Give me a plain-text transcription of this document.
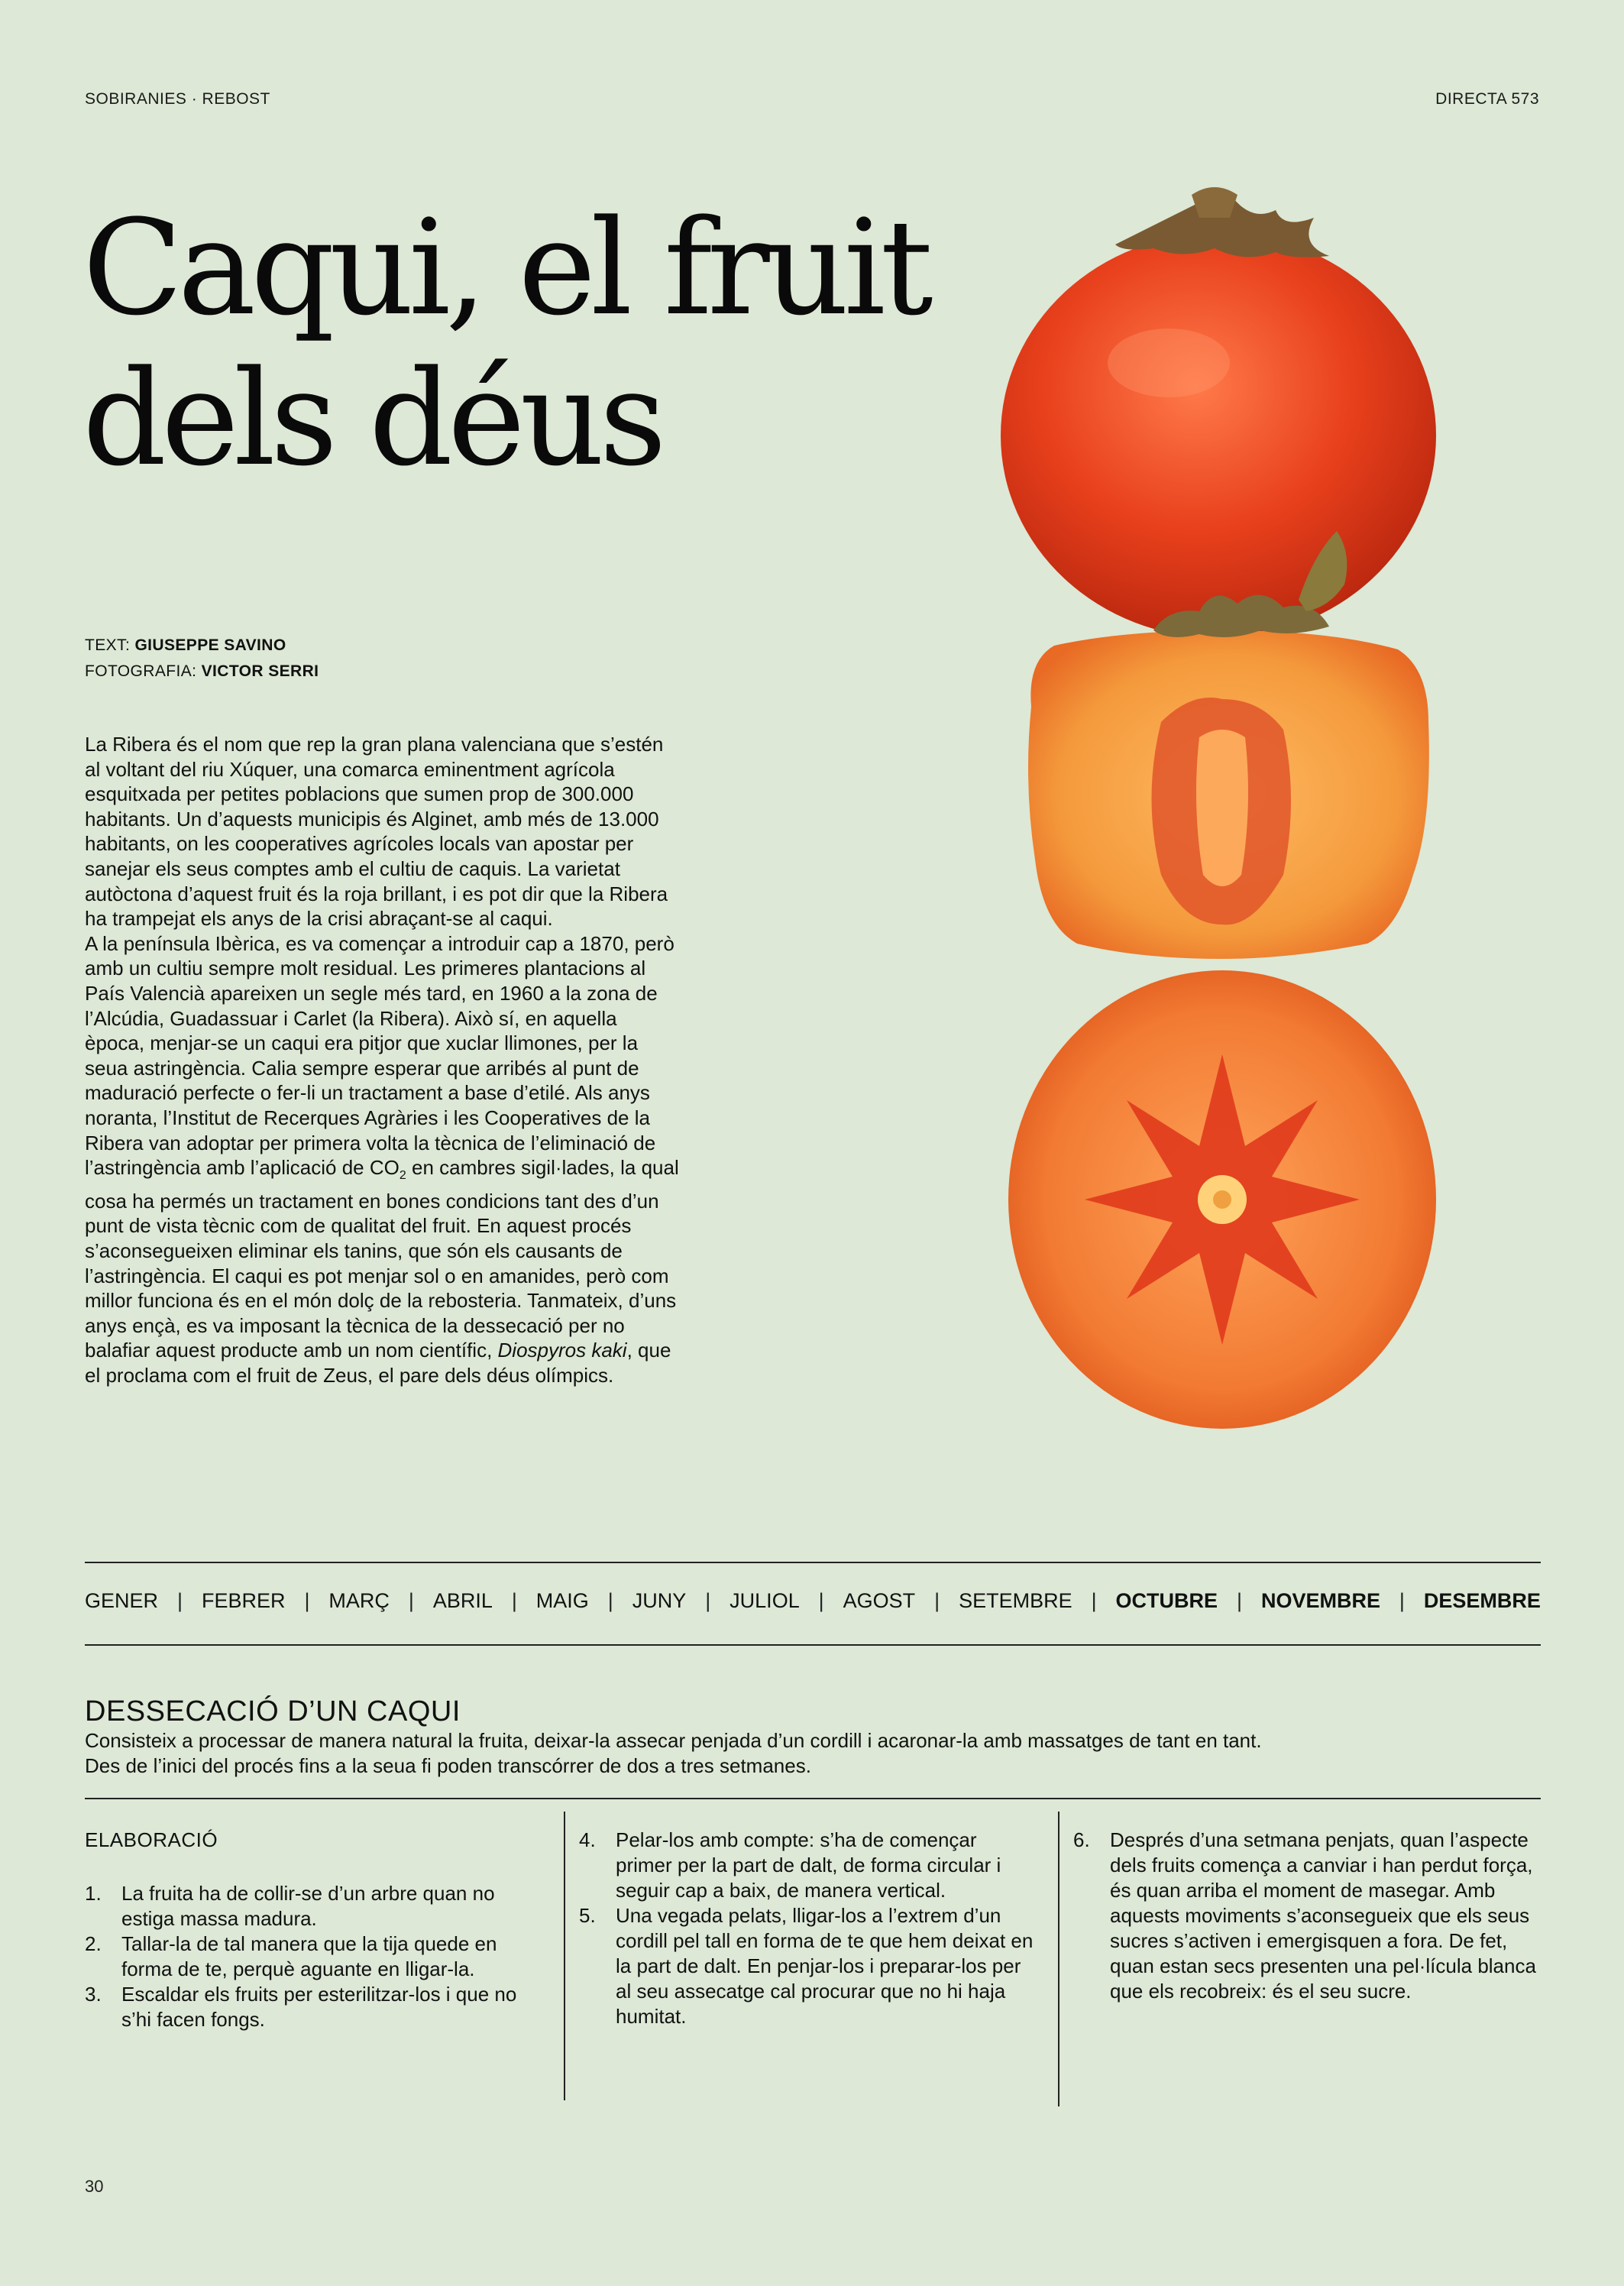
SOBIRANIES · REBOST	DIRECTA 573
Caqui, el fruit
dels déus
TEXT: GIUSEPPE SAVINO
FOTOGRAFIA: VICTOR SERRI

La Ribera és el nom que rep la gran plana valenciana que s’estén al voltant del riu Xúquer, una comarca eminentment agrícola esquitxada per petites poblacions que sumen prop de 300.000 habitants. Un d’aquests municipis és Alginet, amb més de 13.000 habitants, on les cooperatives agrícoles locals van apostar per sanejar els seus comptes amb el cultiu de caquis. La varietat autòctona d’aquest fruit és la roja brillant, i es pot dir que la Ribera ha trampejat els anys de la crisi abraçant-se al caqui.

A la península Ibèrica, es va començar a introduir cap a 1870, però amb un cultiu sempre molt residual. Les primeres plantacions al País Valencià apareixen un segle més tard, en 1960 a la zona de l’Alcúdia, Guadassuar i Carlet (la Ribera). Això sí, en aquella època, menjar-se un caqui era pitjor que xuclar llimones, per la seua astringència. Calia sempre esperar que arribés al punt de maduració perfecte o fer-li un tractament a base d’etilé. Als anys noranta, l’Institut de Recerques Agràries i les Cooperatives de la Ribera van adoptar per primera volta la tècnica de l’eliminació de l’astringència amb l’aplicació de $CO_2$ en cambres sigil·lades, la qual cosa ha permés un tractament en bones condicions tant des d’un punt de vista tècnic com de qualitat del fruit. En aquest procés s’aconsegueixen eliminar els tanins, que són els causants de l’astringència. El caqui es pot menjar sol o en amanides, però com millor funciona és en el món dolç de la rebosteria. Tanmateix, d’uns anys ençà, es va imposant la tècnica de la dessecació per no balafiar aquest producte amb un nom científic, Diospyros kaki, que el proclama com el fruit de Zeus, el pare dels déus olímpics.

GENER | FEBRER | MARÇ | ABRIL | MAIG | JUNY | JULIOL | AGOST | SETEMBRE | OCTUBRE | NOVEMBRE | DESEMBRE
DESSECACIÓ D’UN CAQUI

Consisteix a processar de manera natural la fruita, deixar-la assecar penjada d’un cordill i acaronar-la amb massatges de tant en tant.

Des de l’inici del procés fins a la seua fi poden transcórrer de dos a tres setmanes.

ELABORACIÓ

1.	La fruita ha de collir-se d’un arbre quan no estiga massa madura.
2.	Tallar-la de tal manera que la tija quede en forma de te, perquè aguante en lligar-la.
3.	Escaldar els fruits per esterilitzar-los i que no s’hi facen fongs.
4.	Pelar-los amb compte: s’ha de començar primer per la part de dalt, de forma circular i seguir cap a baix, de manera vertical.
5.	Una vegada pelats, lligar-los a l’extrem d’un cordill pel tall en forma de te que hem deixat en la part de dalt. En penjar-los i preparar-los per al seu assecatge cal procurar que no hi haja humitat.
6.	Després d’una setmana penjats, quan l’aspecte dels fruits comença a canviar i han perdut força, és quan arriba el moment de masegar. Amb aquests moviments s’aconsegueix que els seus sucres s’activen i emergisquen a fora. De fet, quan estan secs presenten una pel·lícula blanca que els recobreix: és el seu sucre.
30
